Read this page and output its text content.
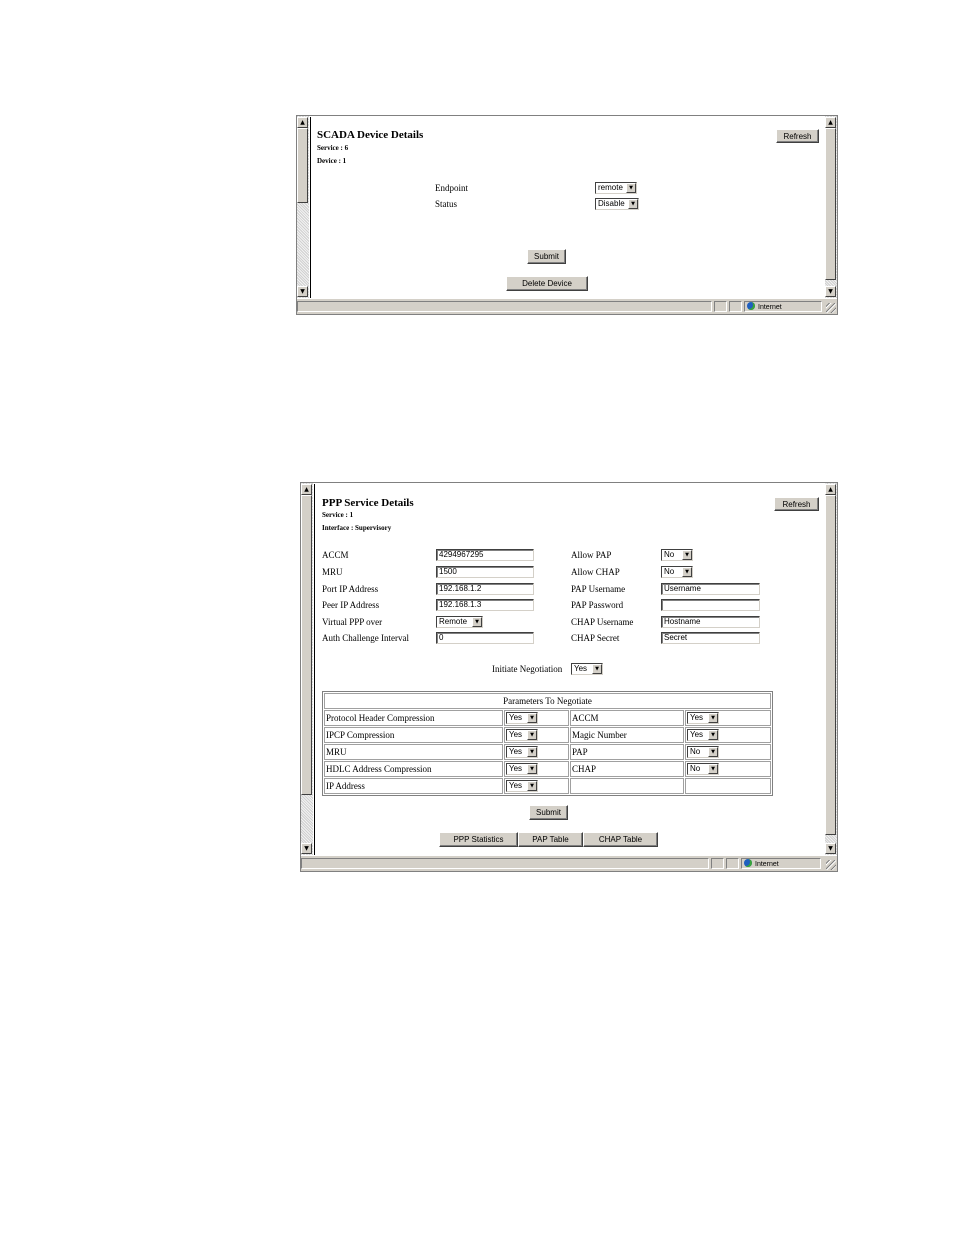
▲
▼
SCADA Device Details
Service : 6
Device : 1
Refresh
Endpoint	remote	▼
Status	Disable	▼
Submit
Delete Device
▲
▼
Internet
▲
▼
PPP Service Details
Service : 1
Interface : Supervisory
Refresh
ACCM	4294967295
MRU	1500
Port IP Address	192.168.1.2
Peer IP Address	192.168.1.3
Virtual PPP over	Remote	▼
Auth Challenge Interval	0
Allow PAP	No	▼
Allow CHAP	No	▼
PAP Username	Username
PAP Password
CHAP Username	Hostname
CHAP Secret	Secret
Initiate Negotiation	Yes	▼
Parameters To Negotiate			
Protocol Header Compression	Yes ▼	ACCM	Yes ▼

IPCP Compression	Yes ▼	Magic Number	Yes ▼

MRU	Yes ▼	PAP	No ▼

HDLC Address Compression	Yes ▼	CHAP	No ▼

IP Address	Yes ▼		

Submit
PPP Statistics	PAP Table	CHAP Table
▲
▼
Internet
